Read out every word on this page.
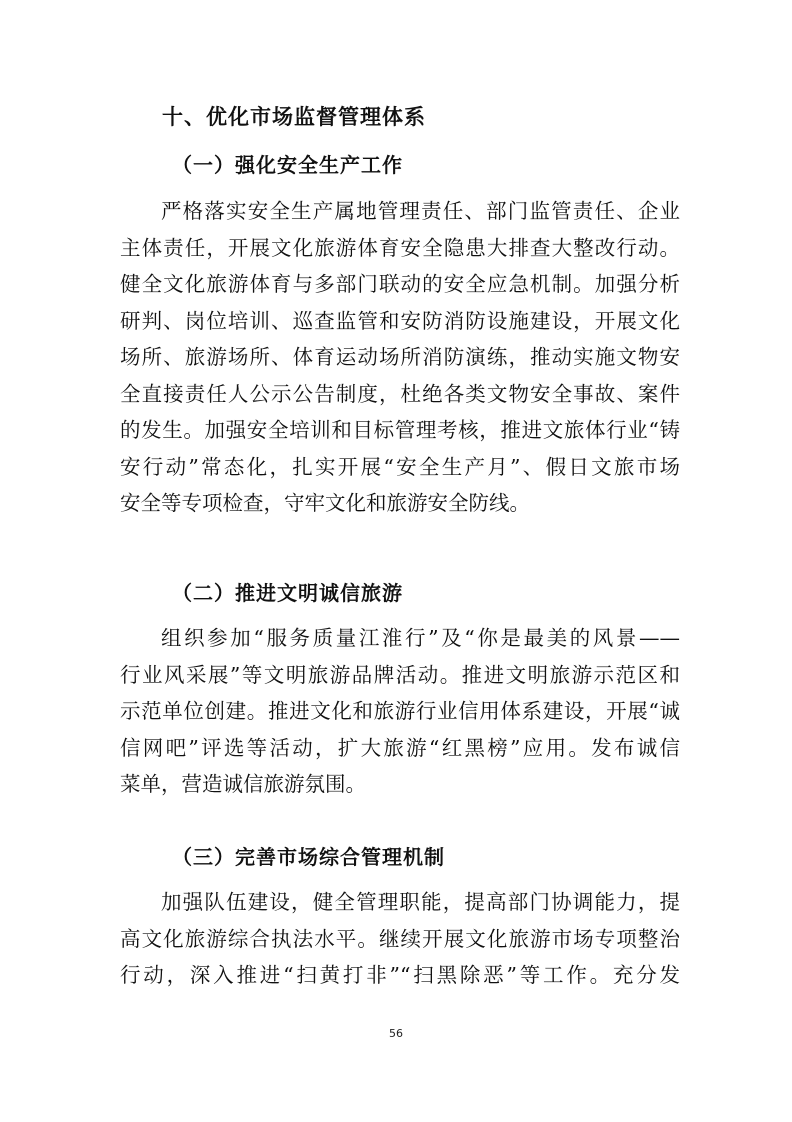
十、优化市场监督管理体系
（一）强化安全生产工作
严格落实安全生产属地管理责任、部门监管责任、企业
主体责任，开展文化旅游体育安全隐患大排查大整改行动。
健全文化旅游体育与多部门联动的安全应急机制。加强分析
研判、岗位培训、巡查监管和安防消防设施建设，开展文化
场所、旅游场所、体育运动场所消防演练，推动实施文物安
全直接责任人公示公告制度，杜绝各类文物安全事故、案件
的发生。加强安全培训和目标管理考核，推进文旅体行业“铸
安行动”常态化，扎实开展“安全生产月”、假日文旅市场
安全等专项检查，守牢文化和旅游安全防线。
（二）推进文明诚信旅游
组织参加“服务质量江淮行”及“你是最美的风景——
行业风采展”等文明旅游品牌活动。推进文明旅游示范区和
示范单位创建。推进文化和旅游行业信用体系建设，开展“诚
信网吧”评选等活动，扩大旅游“红黑榜”应用。发布诚信
菜单，营造诚信旅游氛围。
（三）完善市场综合管理机制
加强队伍建设，健全管理职能，提高部门协调能力，提
高文化旅游综合执法水平。继续开展文化旅游市场专项整治
行动，深入推进“扫黄打非”“扫黑除恶”等工作。充分发
56
